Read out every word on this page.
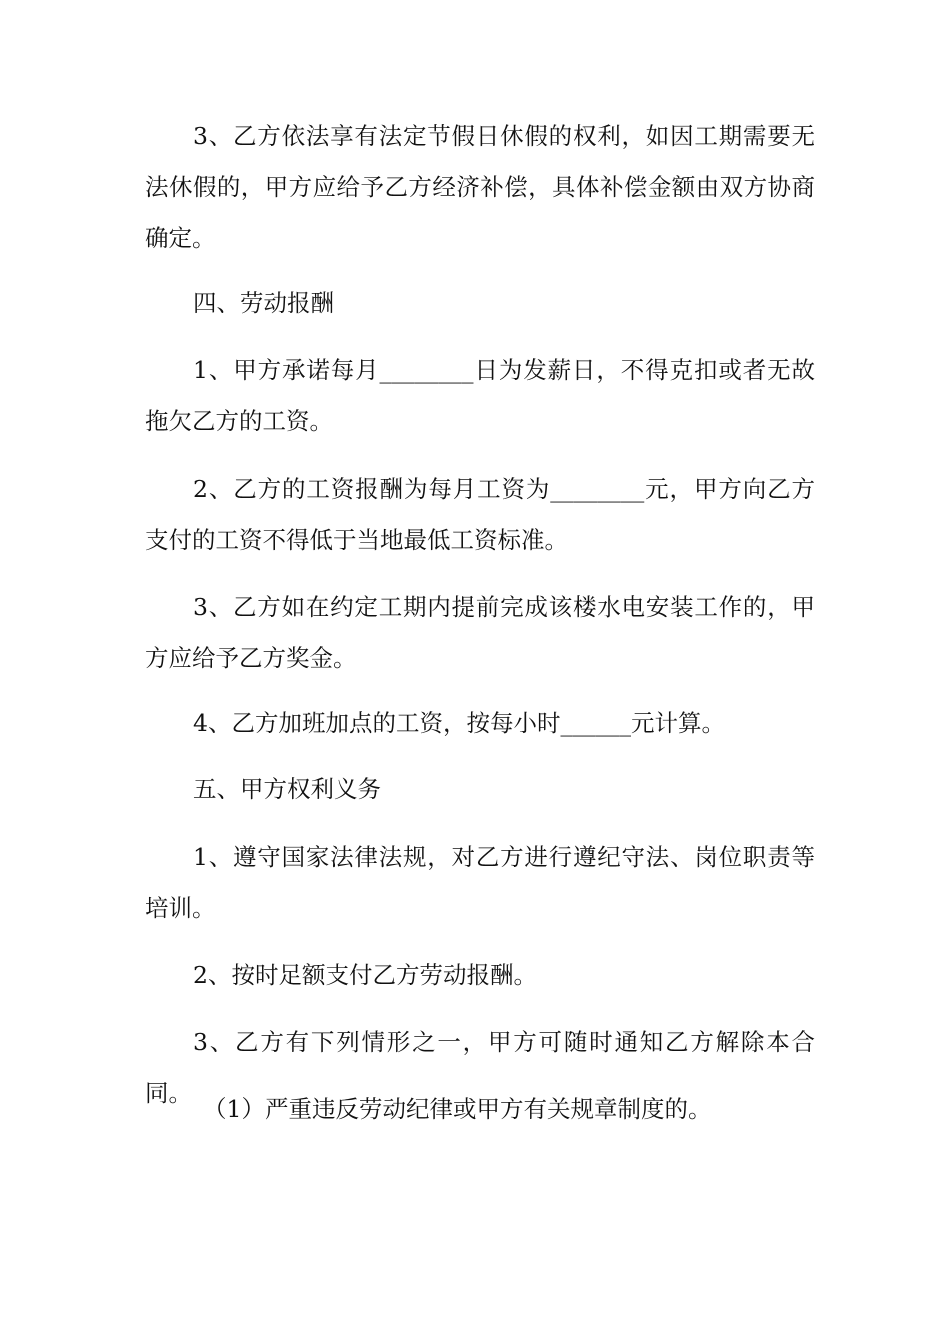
3、乙方依法享有法定节假日休假的权利，如因工期需要无法休假的，甲方应给予乙方经济补偿，具体补偿金额由双方协商确定。

四、劳动报酬

1、甲方承诺每月________日为发薪日，不得克扣或者无故拖欠乙方的工资。

2、乙方的工资报酬为每月工资为________元，甲方向乙方支付的工资不得低于当地最低工资标准。

3、乙方如在约定工期内提前完成该楼水电安装工作的，甲方应给予乙方奖金。

4、乙方加班加点的工资，按每小时______元计算。

五、甲方权利义务

1、遵守国家法律法规，对乙方进行遵纪守法、岗位职责等培训。

2、按时足额支付乙方劳动报酬。

3、乙方有下列情形之一，甲方可随时通知乙方解除本合同。

（1）严重违反劳动纪律或甲方有关规章制度的。
